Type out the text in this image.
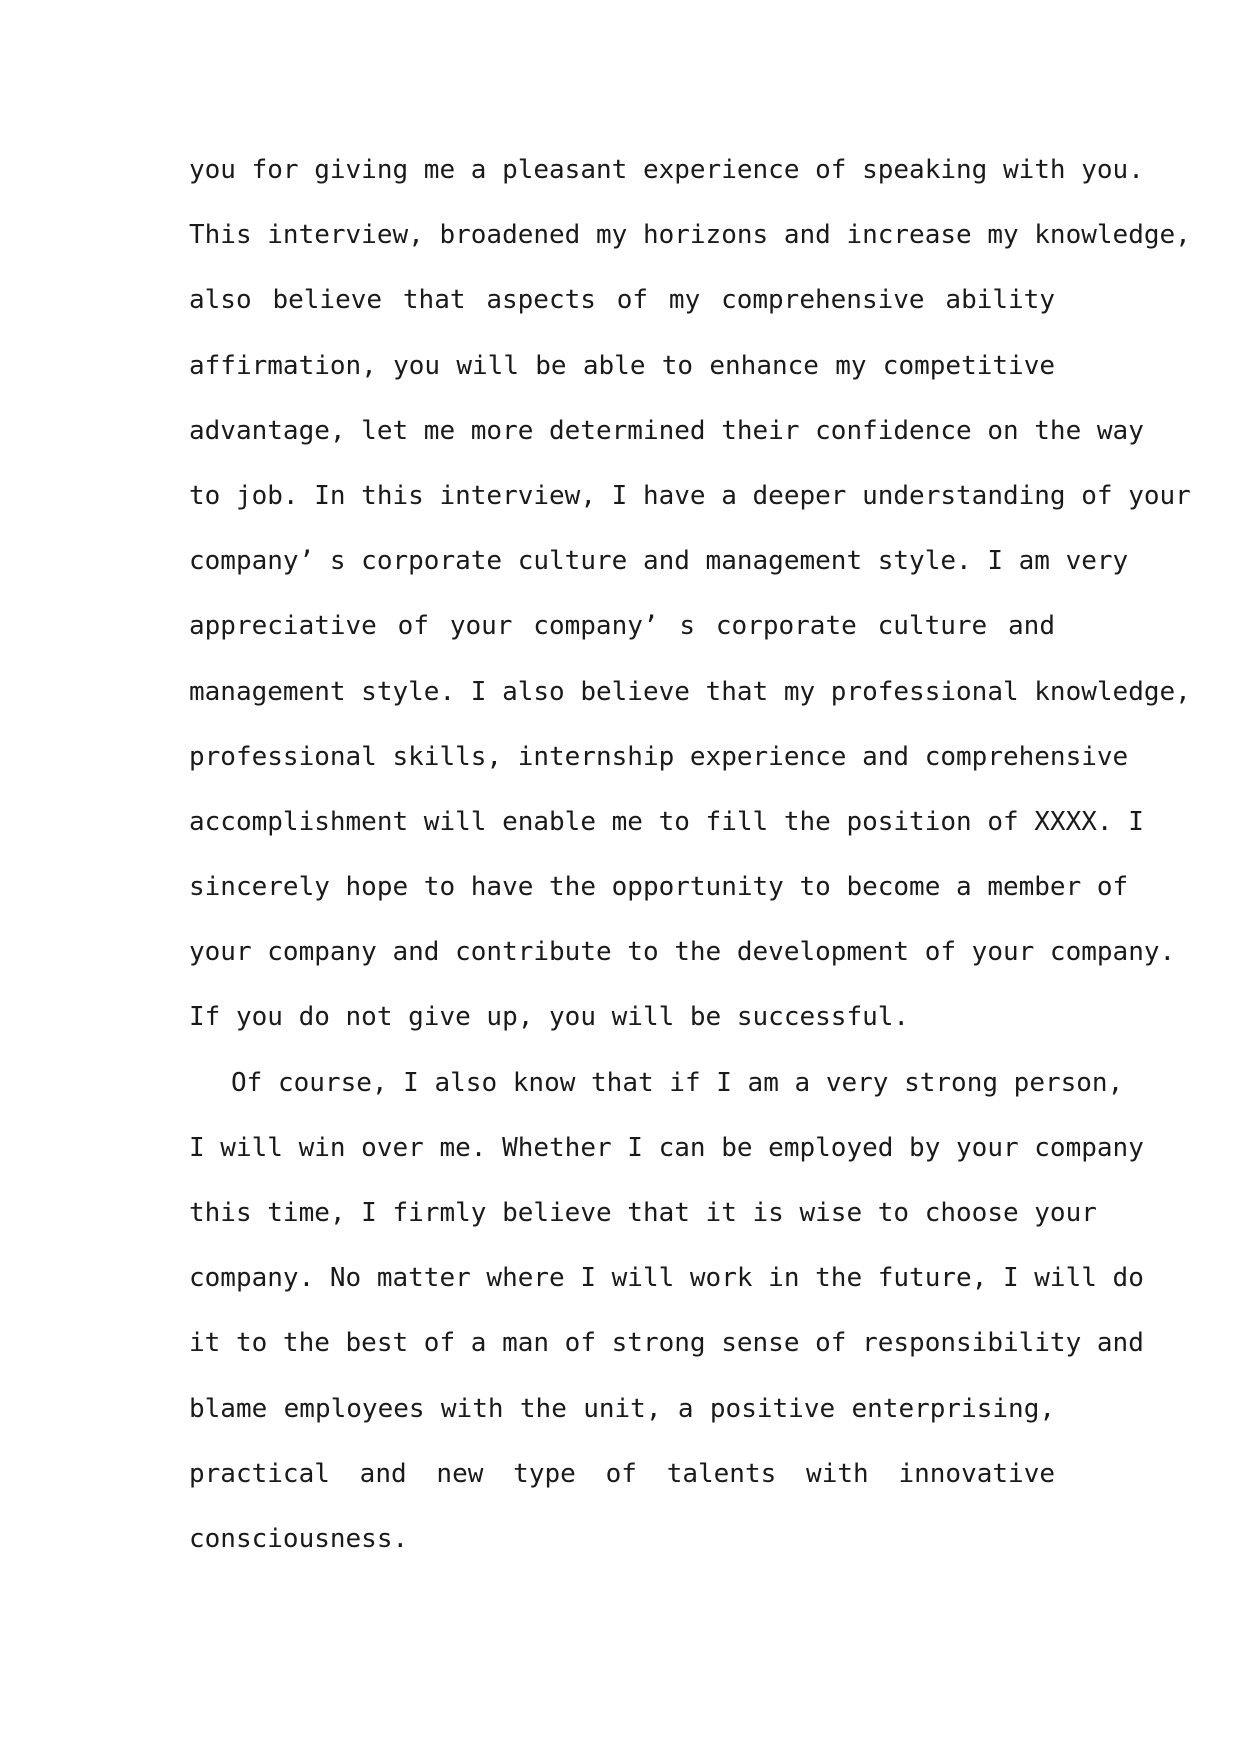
you for giving me a pleasant experience of speaking with you.
This interview, broadened my horizons and increase my knowledge,
also believe that aspects of my comprehensive ability
affirmation, you will be able to enhance my competitive
advantage, let me more determined their confidence on the way
to job. In this interview, I have a deeper understanding of your
company’ s corporate culture and management style. I am very
appreciative of your company’ s corporate culture and
management style. I also believe that my professional knowledge,
professional skills, internship experience and comprehensive
accomplishment will enable me to fill the position of XXXX. I
sincerely hope to have the opportunity to become a member of
your company and contribute to the development of your company.
If you do not give up, you will be successful.
Of course, I also know that if I am a very strong person,
I will win over me. Whether I can be employed by your company
this time, I firmly believe that it is wise to choose your
company. No matter where I will work in the future, I will do
it to the best of a man of strong sense of responsibility and
blame employees with the unit, a positive enterprising,
practical and new type of talents with innovative
consciousness.
